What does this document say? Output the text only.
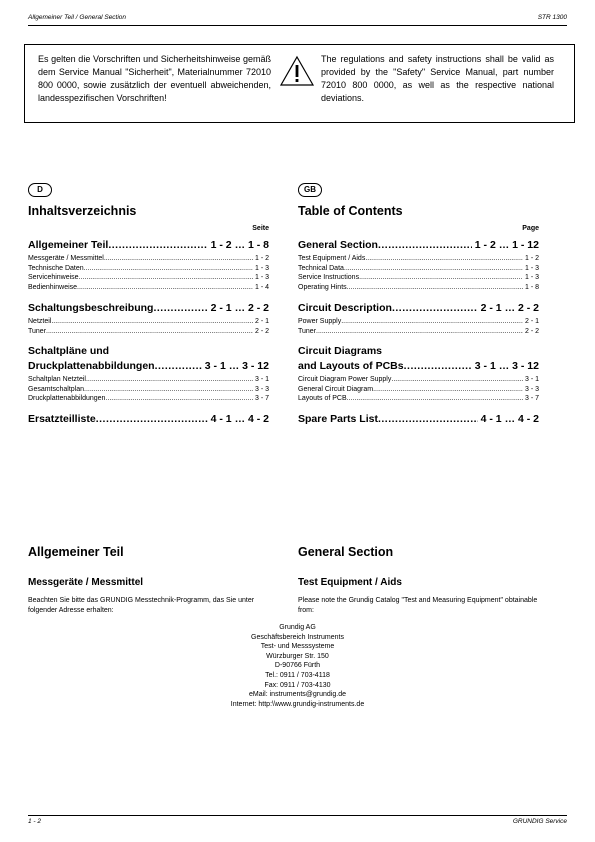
Allgemeiner Teil / General Section	STR 1300
Es gelten die Vorschriften und Sicherheitshinweise gemäß dem Service Manual "Sicherheit", Materialnummer 72010 800 0000, sowie zusätzlich der eventuell abweichenden, landesspezifischen Vorschriften!
The regulations and safety instructions shall be valid as provided by the "Safety" Service Manual, part number 72010 800 0000, as well as the respective national deviations.
D
Inhaltsverzeichnis
Seite
Allgemeiner Teil .....	1 - 2 … 1 - 8
Messgeräte / Messmittel .....	1 - 2
Technische Daten .....	1 - 3
Servicehinweise .....	1 - 3
Bedienhinweise .....	1 - 4
Schaltungsbeschreibung .....	2 - 1 … 2 - 2
Netzteil .....	2 - 1
Tuner .....	2 - 2
Schaltpläne und
Druckplattenabbildungen .....	3 - 1 … 3 - 12
Schaltplan Netzteil .....	3 - 1
Gesamtschaltplan .....	3 - 3
Druckplattenabbildungen .....	3 - 7
Ersatzteilliste .....	4 - 1 … 4 - 2
GB
Table of Contents
Page
General Section .....	1 - 2 … 1 - 12
Test Equipment / Aids .....	1 - 2
Technical Data .....	1 - 3
Service Instructions .....	1 - 3
Operating Hints .....	1 - 8
Circuit Description .....	2 - 1 … 2 - 2
Power Supply .....	2 - 1
Tuner .....	2 - 2
Circuit Diagrams
and Layouts of PCBs .....	3 - 1 … 3 - 12
Circuit Diagram Power Supply .....	3 - 1
General Circuit Diagram .....	3 - 3
Layouts of PCB .....	3 - 7
Spare Parts List .....	4 - 1 … 4 - 2
Allgemeiner Teil
Messgeräte / Messmittel
Beachten Sie bitte das GRUNDIG Messtechnik-Programm, das Sie unter folgender Adresse erhalten:
General Section
Test Equipment / Aids
Please note the Grundig Catalog "Test and Measuring Equipment" obtainable from:
Grundig AG
Geschäftsbereich Instruments
Test- und Messsysteme
Würzburger Str. 150
D-90766 Fürth
Tel.: 0911 / 703-4118
Fax: 0911 / 703-4130
eMail: instruments@grundig.de
Internet: http:\\www.grundig-instruments.de
1 - 2	GRUNDIG Service
